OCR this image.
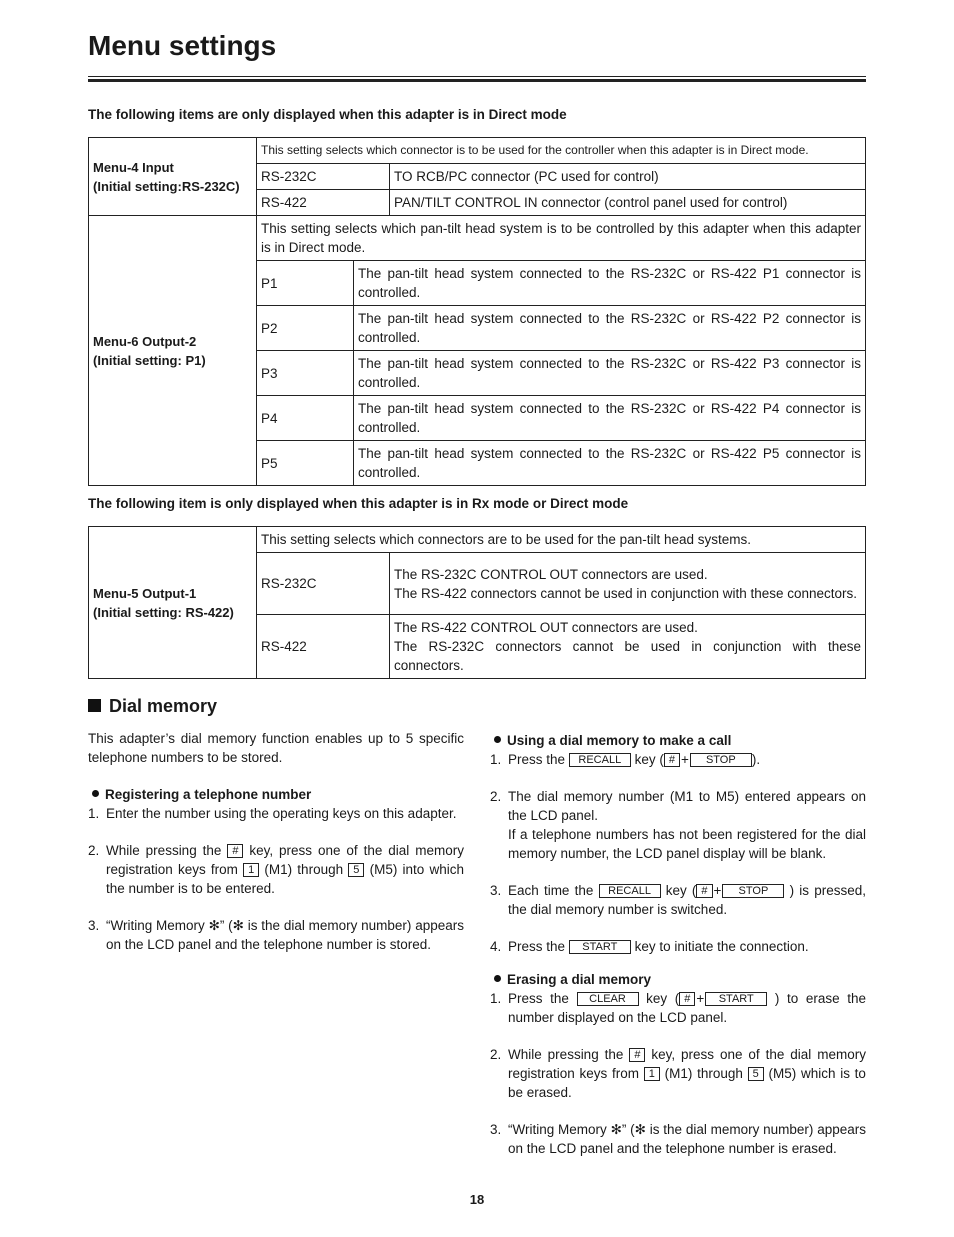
Menu settings
The following items are only displayed when this adapter is in Direct mode
Menu-4 Input
(Initial setting:RS-232C)	This setting selects which connector is to be used for the controller when this adapter is in Direct mode.	
	RS-232C	TO RCB/PC connector (PC used for control)
	RS-422	PAN/TILT CONTROL IN connector (control panel used for control)
Menu-6 Output-2
(Initial setting: P1)	This setting selects which pan-tilt head system is to be controlled by this adapter when this adapter is in Direct mode.	
	P1	The pan-tilt head system connected to the RS-232C or RS-422 P1 connector is controlled.
	P2	The pan-tilt head system connected to the RS-232C or RS-422 P2 connector is controlled.
	P3	The pan-tilt head system connected to the RS-232C or RS-422 P3 connector is controlled.
	P4	The pan-tilt head system connected to the RS-232C or RS-422 P4 connector is controlled.
	P5	The pan-tilt head system connected to the RS-232C or RS-422 P5 connector is controlled.
The following item is only displayed when this adapter is in Rx mode or Direct mode
Menu-5 Output-1
(Initial setting: RS-422)	This setting selects which connectors are to be used for the pan-tilt head systems.	
	RS-232C	The RS-232C CONTROL OUT connectors are used.
The RS-422 connectors cannot be used in conjunction with these connectors.
	RS-422	The RS-422 CONTROL OUT connectors are used.
The RS-232C connectors cannot be used in conjunction with these connectors.
Dial memory

This adapter’s dial memory function enables up to 5 specific telephone numbers to be stored.

Registering a telephone number

1. Enter the number using the operating keys on this adapter.
2. While pressing the # key, press one of the dial memory registration keys from 1 (M1) through 5 (M5) into which the number is to be entered.
3. “Writing Memory ✻” (✻ is the dial memory number) appears on the LCD panel and the telephone number is stored.

Using a dial memory to make a call

1. Press the RECALL key ( # + STOP ).
2. The dial memory number (M1 to M5) entered appears on the LCD panel.
If a telephone numbers has not been registered for the dial memory number, the LCD panel display will be blank.
3. Each time the RECALL key ( # + STOP ) is pressed, the dial memory number is switched.
4. Press the START key to initiate the connection.

Erasing a dial memory

1. Press the CLEAR key ( # + START ) to erase the number displayed on the LCD panel.
2. While pressing the # key, press one of the dial memory registration keys from 1 (M1) through 5 (M5) which is to be erased.
3. “Writing Memory ✻” (✻ is the dial memory number) appears on the LCD panel and the telephone number is erased.
18
